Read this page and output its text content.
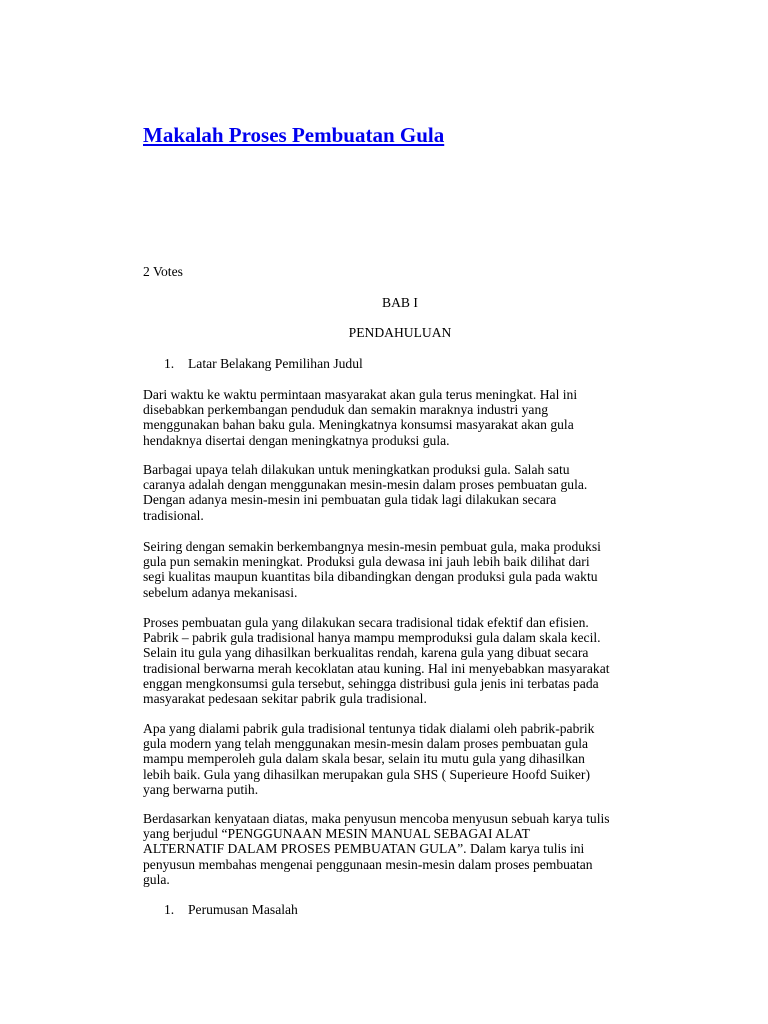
Makalah Proses Pembuatan Gula
2 Votes
BAB I
PENDAHULUAN
1. Latar Belakang Pemilihan Judul
Dari waktu ke waktu permintaan masyarakat akan gula terus meningkat. Hal ini
disebabkan perkembangan penduduk dan semakin maraknya industri yang
menggunakan bahan baku gula. Meningkatnya konsumsi masyarakat akan gula
hendaknya disertai dengan meningkatnya produksi gula.
Barbagai upaya telah dilakukan untuk meningkatkan produksi gula. Salah satu
caranya adalah dengan menggunakan mesin-mesin dalam proses pembuatan gula.
Dengan adanya mesin-mesin ini pembuatan gula tidak lagi dilakukan secara
tradisional.
Seiring dengan semakin berkembangnya mesin-mesin pembuat gula, maka produksi
gula pun semakin meningkat. Produksi gula dewasa ini jauh lebih baik dilihat dari
segi kualitas maupun kuantitas bila dibandingkan dengan produksi gula pada waktu
sebelum adanya mekanisasi.
Proses pembuatan gula yang dilakukan secara tradisional tidak efektif dan efisien.
Pabrik – pabrik gula tradisional hanya mampu memproduksi gula dalam skala kecil.
Selain itu gula yang dihasilkan berkualitas rendah, karena gula yang dibuat secara
tradisional berwarna merah kecoklatan atau kuning. Hal ini menyebabkan masyarakat
enggan mengkonsumsi gula tersebut, sehingga distribusi gula jenis ini terbatas pada
masyarakat pedesaan sekitar pabrik gula tradisional.
Apa yang dialami pabrik gula tradisional tentunya tidak dialami oleh pabrik-pabrik
gula modern yang telah menggunakan mesin-mesin dalam proses pembuatan gula
mampu memperoleh gula dalam skala besar, selain itu mutu gula yang dihasilkan
lebih baik. Gula yang dihasilkan merupakan gula SHS ( Superieure Hoofd Suiker)
yang berwarna putih.
Berdasarkan kenyataan diatas, maka penyusun mencoba menyusun sebuah karya tulis
yang berjudul “PENGGUNAAN MESIN MANUAL SEBAGAI ALAT
ALTERNATIF DALAM PROSES PEMBUATAN GULA”. Dalam karya tulis ini
penyusun membahas mengenai penggunaan mesin-mesin dalam proses pembuatan
gula.
1. Perumusan Masalah
